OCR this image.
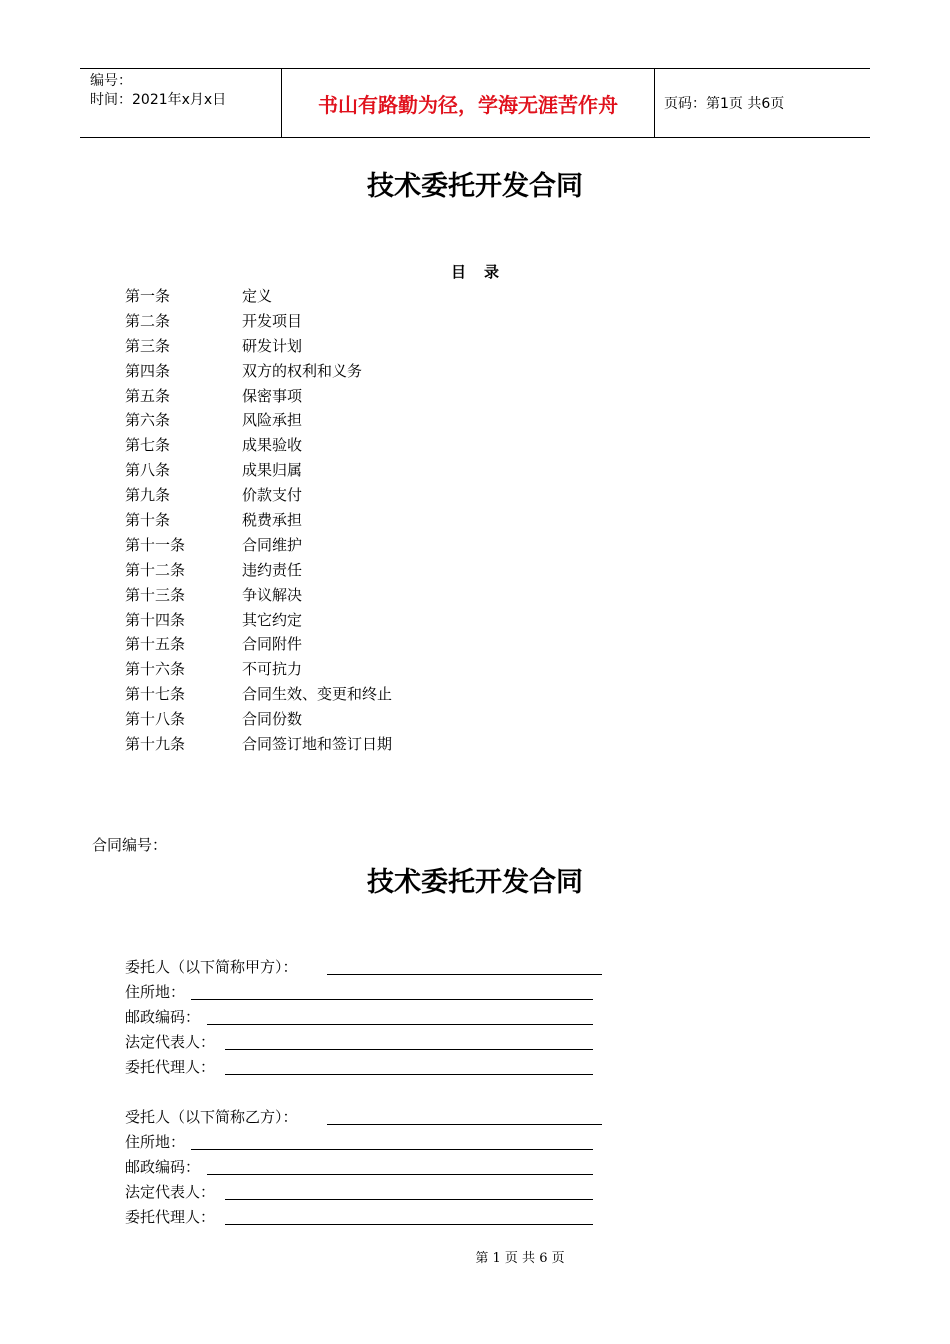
编号：
时间：2021年x月x日	书山有路勤为径，学海无涯苦作舟	页码：第1页 共6页
技术委托开发合同
目录
第一条	定义
第二条	开发项目
第三条	研发计划
第四条	双方的权利和义务
第五条	保密事项
第六条	风险承担
第七条	成果验收
第八条	成果归属
第九条	价款支付
第十条	税费承担
第十一条	合同维护
第十二条	违约责任
第十三条	争议解决
第十四条	其它约定
第十五条	合同附件
第十六条	不可抗力
第十七条	合同生效、变更和终止
第十八条	合同份数
第十九条	合同签订地和签订日期
合同编号：
技术委托开发合同
委托人（以下简称甲方）：
住所地：
邮政编码：
法定代表人：
委托代理人：
受托人（以下简称乙方）：
住所地：
邮政编码：
法定代表人：
委托代理人：
第 1 页 共 6 页
